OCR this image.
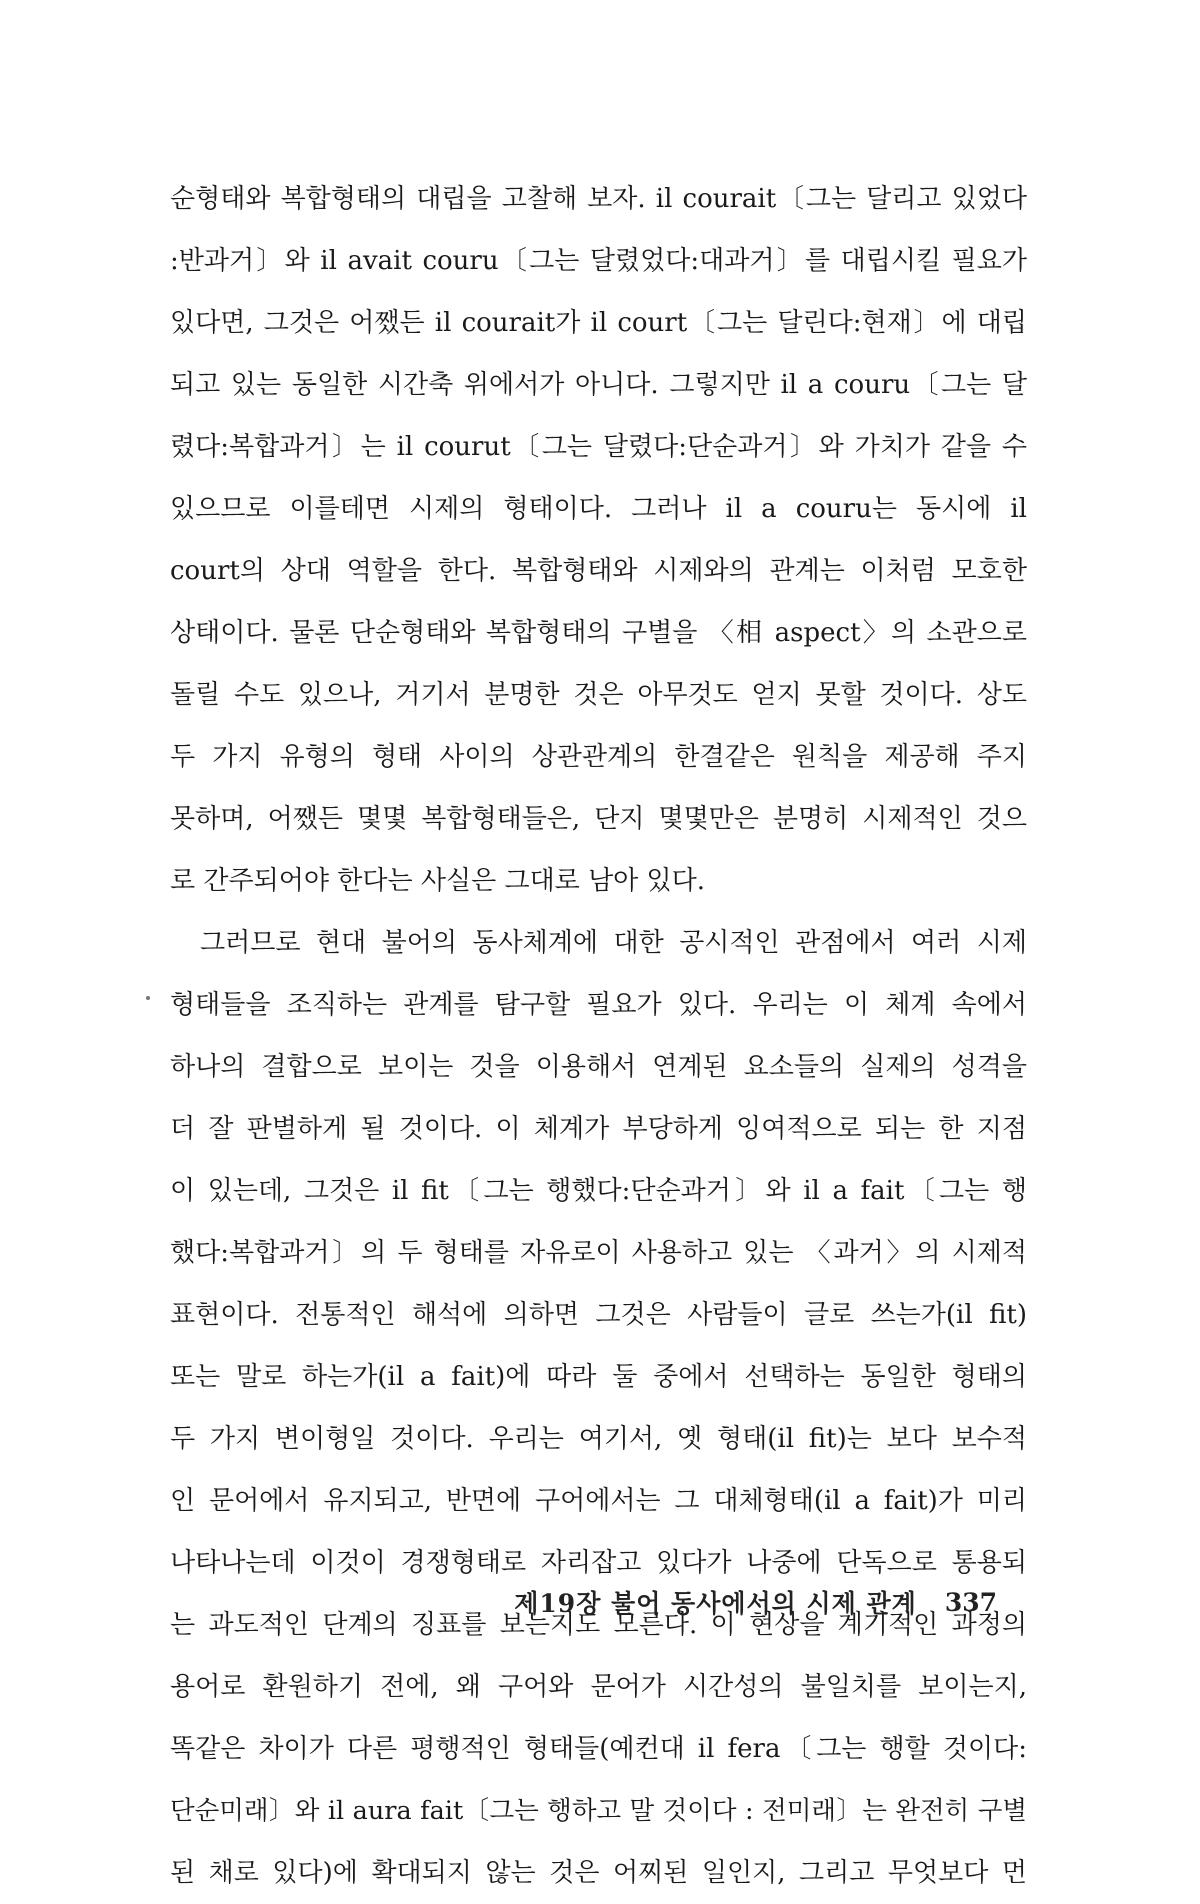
순형태와 복합형태의 대립을 고찰해 보자. il courait〔그는 달리고 있었다
:반과거〕와 il avait couru〔그는 달렸었다:대과거〕를 대립시킬 필요가
있다면, 그것은 어쨌든 il courait가 il court〔그는 달린다:현재〕에 대립
되고 있는 동일한 시간축 위에서가 아니다. 그렇지만 il a couru〔그는 달
렸다:복합과거〕는 il courut〔그는 달렸다:단순과거〕와 가치가 같을 수
있으므로 이를테면 시제의 형태이다. 그러나 il a couru는 동시에 il
court의 상대 역할을 한다. 복합형태와 시제와의 관계는 이처럼 모호한
상태이다. 물론 단순형태와 복합형태의 구별을 〈相 aspect〉의 소관으로
돌릴 수도 있으나, 거기서 분명한 것은 아무것도 얻지 못할 것이다. 상도
두 가지 유형의 형태 사이의 상관관계의 한결같은 원칙을 제공해 주지
못하며, 어쨌든 몇몇 복합형태들은, 단지 몇몇만은 분명히 시제적인 것으
로 간주되어야 한다는 사실은 그대로 남아 있다.
그러므로 현대 불어의 동사체계에 대한 공시적인 관점에서 여러 시제
형태들을 조직하는 관계를 탐구할 필요가 있다. 우리는 이 체계 속에서
하나의 결합으로 보이는 것을 이용해서 연계된 요소들의 실제의 성격을
더 잘 판별하게 될 것이다. 이 체계가 부당하게 잉여적으로 되는 한 지점
이 있는데, 그것은 il fit〔그는 행했다:단순과거〕와 il a fait〔그는 행
했다:복합과거〕의 두 형태를 자유로이 사용하고 있는 〈과거〉의 시제적
표현이다. 전통적인 해석에 의하면 그것은 사람들이 글로 쓰는가(il fit)
또는 말로 하는가(il a fait)에 따라 둘 중에서 선택하는 동일한 형태의
두 가지 변이형일 것이다. 우리는 여기서, 옛 형태(il fit)는 보다 보수적
인 문어에서 유지되고, 반면에 구어에서는 그 대체형태(il a fait)가 미리
나타나는데 이것이 경쟁형태로 자리잡고 있다가 나중에 단독으로 통용되
는 과도적인 단계의 징표를 보는지도 모른다. 이 현상을 계기적인 과정의
용어로 환원하기 전에, 왜 구어와 문어가 시간성의 불일치를 보이는지,
똑같은 차이가 다른 평행적인 형태들(예컨대 il fera〔그는 행할 것이다:
단순미래〕와 il aura fait〔그는 행하고 말 것이다 : 전미래〕는 완전히 구별
된 채로 있다)에 확대되지 않는 것은 어찌된 일인지, 그리고 무엇보다 먼
제19장 불어 동사에서의 시제 관계 337
